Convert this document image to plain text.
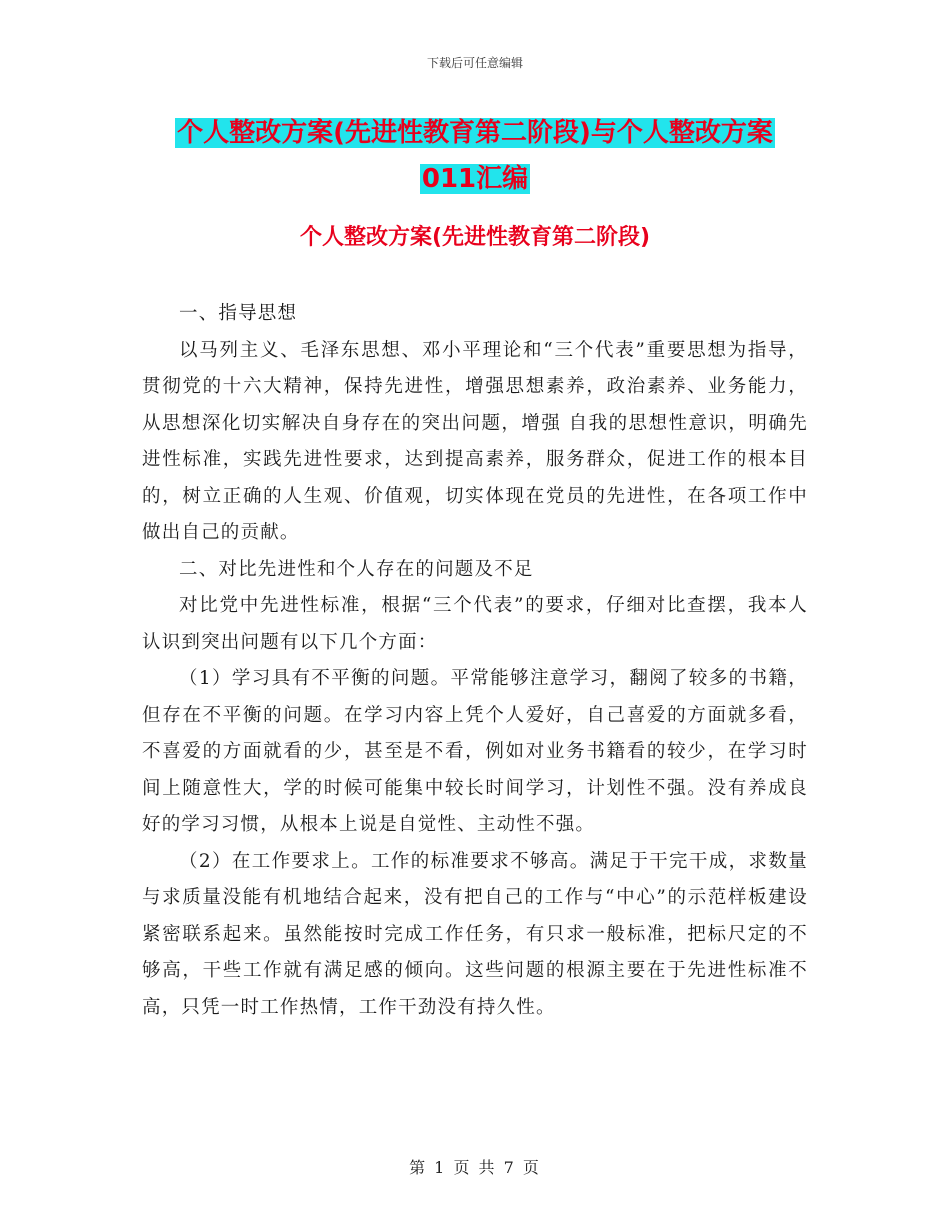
下载后可任意编辑
个人整改方案(先进性教育第二阶段)与个人整改方案
011汇编
个人整改方案(先进性教育第二阶段)

一、指导思想

以马列主义、毛泽东思想、邓小平理论和“三个代表”重要思想为指导，贯彻党的十六大精神，保持先进性，增强思想素养，政治素养、业务能力，从思想深化切实解决自身存在的突出问题，增强 自我的思想性意识，明确先进性标准，实践先进性要求，达到提高素养，服务群众，促进工作的根本目的，树立正确的人生观、价值观，切实体现在党员的先进性，在各项工作中做出自己的贡献。

二、对比先进性和个人存在的问题及不足

对比党中先进性标准，根据“三个代表”的要求，仔细对比查摆，我本人认识到突出问题有以下几个方面：

（1）学习具有不平衡的问题。平常能够注意学习，翻阅了较多的书籍，但存在不平衡的问题。在学习内容上凭个人爱好，自己喜爱的方面就多看，不喜爱的方面就看的少，甚至是不看，例如对业务书籍看的较少，在学习时间上随意性大，学的时候可能集中较长时间学习，计划性不强。没有养成良好的学习习惯，从根本上说是自觉性、主动性不强。

（2）在工作要求上。工作的标准要求不够高。满足于干完干成，求数量与求质量没能有机地结合起来，没有把自己的工作与“中心”的示范样板建设紧密联系起来。虽然能按时完成工作任务，有只求一般标准，把标尺定的不够高，干些工作就有满足感的倾向。这些问题的根源主要在于先进性标准不高，只凭一时工作热情，工作干劲没有持久性。

第 1 页 共 7 页
